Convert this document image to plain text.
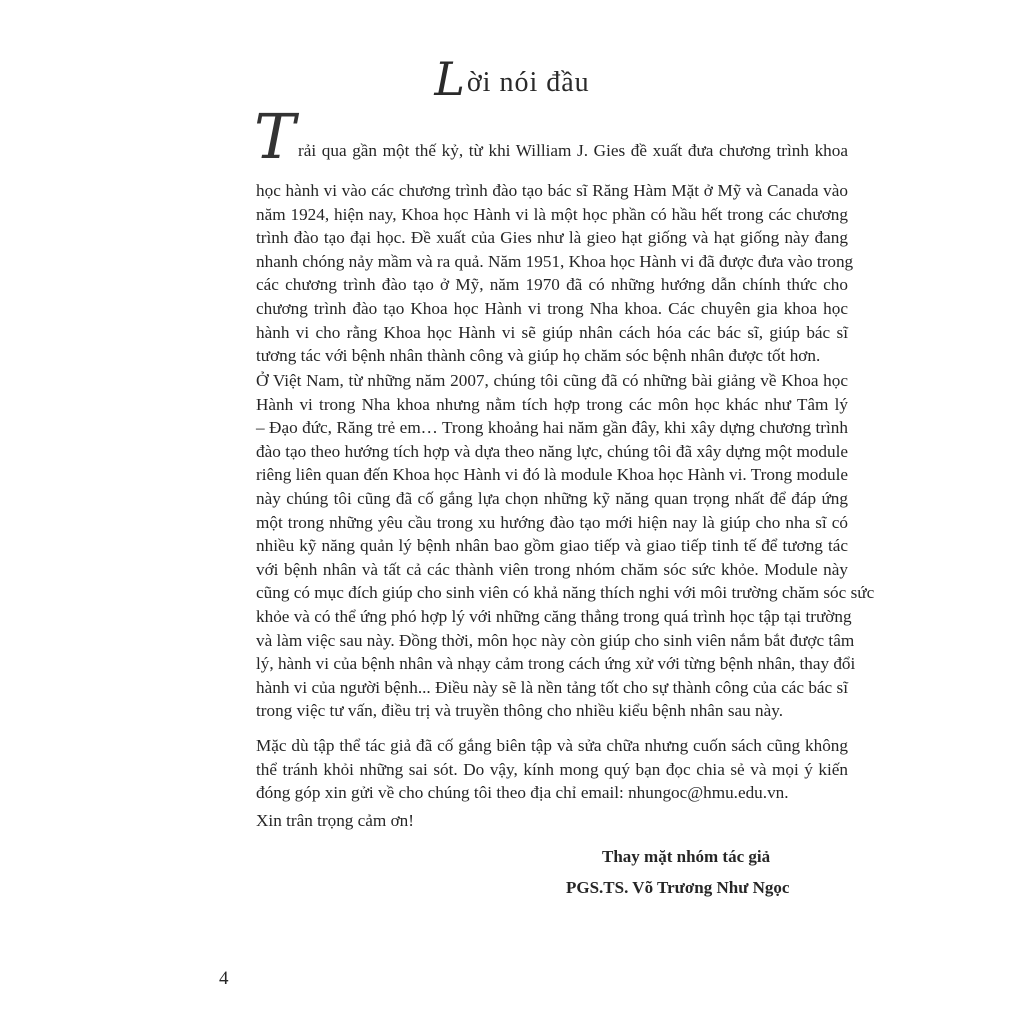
Lời nói đầu
T rải qua gần một thế kỷ, từ khi William J. Gies đề xuất đưa chương trình khoa
học hành vi vào các chương trình đào tạo bác sĩ Răng Hàm Mặt ở Mỹ và Canada vào
năm 1924, hiện nay, Khoa học Hành vi là một học phần có hầu hết trong các chương
trình đào tạo đại học. Đề xuất của Gies như là gieo hạt giống và hạt giống này đang
nhanh chóng nảy mầm và ra quả. Năm 1951, Khoa học Hành vi đã được đưa vào trong
các chương trình đào tạo ở Mỹ, năm 1970 đã có những hướng dẫn chính thức cho
chương trình đào tạo Khoa học Hành vi trong Nha khoa. Các chuyên gia khoa học
hành vi cho rằng Khoa học Hành vi sẽ giúp nhân cách hóa các bác sĩ, giúp bác sĩ
tương tác với bệnh nhân thành công và giúp họ chăm sóc bệnh nhân được tốt hơn.
Ở Việt Nam, từ những năm 2007, chúng tôi cũng đã có những bài giảng về Khoa học
Hành vi trong Nha khoa nhưng nằm tích hợp trong các môn học khác như Tâm lý
– Đạo đức, Răng trẻ em… Trong khoảng hai năm gần đây, khi xây dựng chương trình
đào tạo theo hướng tích hợp và dựa theo năng lực, chúng tôi đã xây dựng một module
riêng liên quan đến Khoa học Hành vi đó là module Khoa học Hành vi. Trong module
này chúng tôi cũng đã cố gắng lựa chọn những kỹ năng quan trọng nhất để đáp ứng
một trong những yêu cầu trong xu hướng đào tạo mới hiện nay là giúp cho nha sĩ có
nhiều kỹ năng quản lý bệnh nhân bao gồm giao tiếp và giao tiếp tinh tế để tương tác
với bệnh nhân và tất cả các thành viên trong nhóm chăm sóc sức khỏe. Module này
cũng có mục đích giúp cho sinh viên có khả năng thích nghi với môi trường chăm sóc sức
khỏe và có thể ứng phó hợp lý với những căng thẳng trong quá trình học tập tại trường
và làm việc sau này. Đồng thời, môn học này còn giúp cho sinh viên nắm bắt được tâm
lý, hành vi của bệnh nhân và nhạy cảm trong cách ứng xử với từng bệnh nhân, thay đổi
hành vi của người bệnh... Điều này sẽ là nền tảng tốt cho sự thành công của các bác sĩ
trong việc tư vấn, điều trị và truyền thông cho nhiều kiểu bệnh nhân sau này.
Mặc dù tập thể tác giả đã cố gắng biên tập và sửa chữa nhưng cuốn sách cũng không
thể tránh khỏi những sai sót. Do vậy, kính mong quý bạn đọc chia sẻ và mọi ý kiến
đóng góp xin gửi về cho chúng tôi theo địa chỉ email: nhungoc@hmu.edu.vn.
Xin trân trọng cảm ơn!
Thay mặt nhóm tác giả
PGS.TS. Võ Trương Như Ngọc
4
